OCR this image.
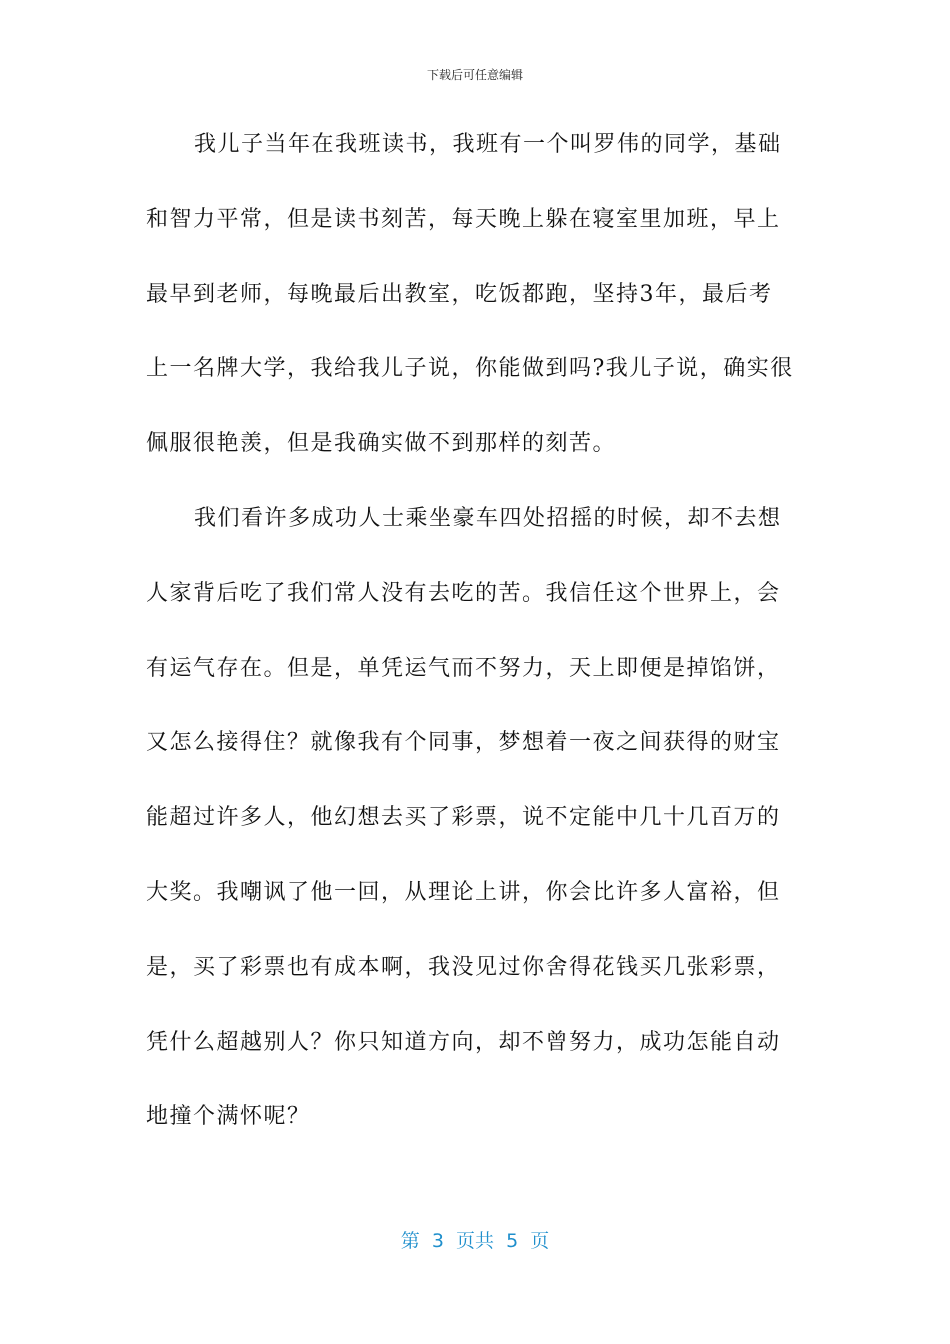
下载后可任意编辑
我儿子当年在我班读书，我班有一个叫罗伟的同学，基础
和智力平常，但是读书刻苦，每天晚上躲在寝室里加班，早上
最早到老师，每晚最后出教室，吃饭都跑，坚持3年，最后考
上一名牌大学，我给我儿子说，你能做到吗?我儿子说，确实很
佩服很艳羡，但是我确实做不到那样的刻苦。
我们看许多成功人士乘坐豪车四处招摇的时候，却不去想
人家背后吃了我们常人没有去吃的苦。我信任这个世界上，会
有运气存在。但是，单凭运气而不努力，天上即便是掉馅饼，
又怎么接得住？就像我有个同事，梦想着一夜之间获得的财宝
能超过许多人，他幻想去买了彩票，说不定能中几十几百万的
大奖。我嘲讽了他一回，从理论上讲，你会比许多人富裕，但
是，买了彩票也有成本啊，我没见过你舍得花钱买几张彩票，
凭什么超越别人？你只知道方向，却不曾努力，成功怎能自动
地撞个满怀呢？
第  3  页共  5  页
